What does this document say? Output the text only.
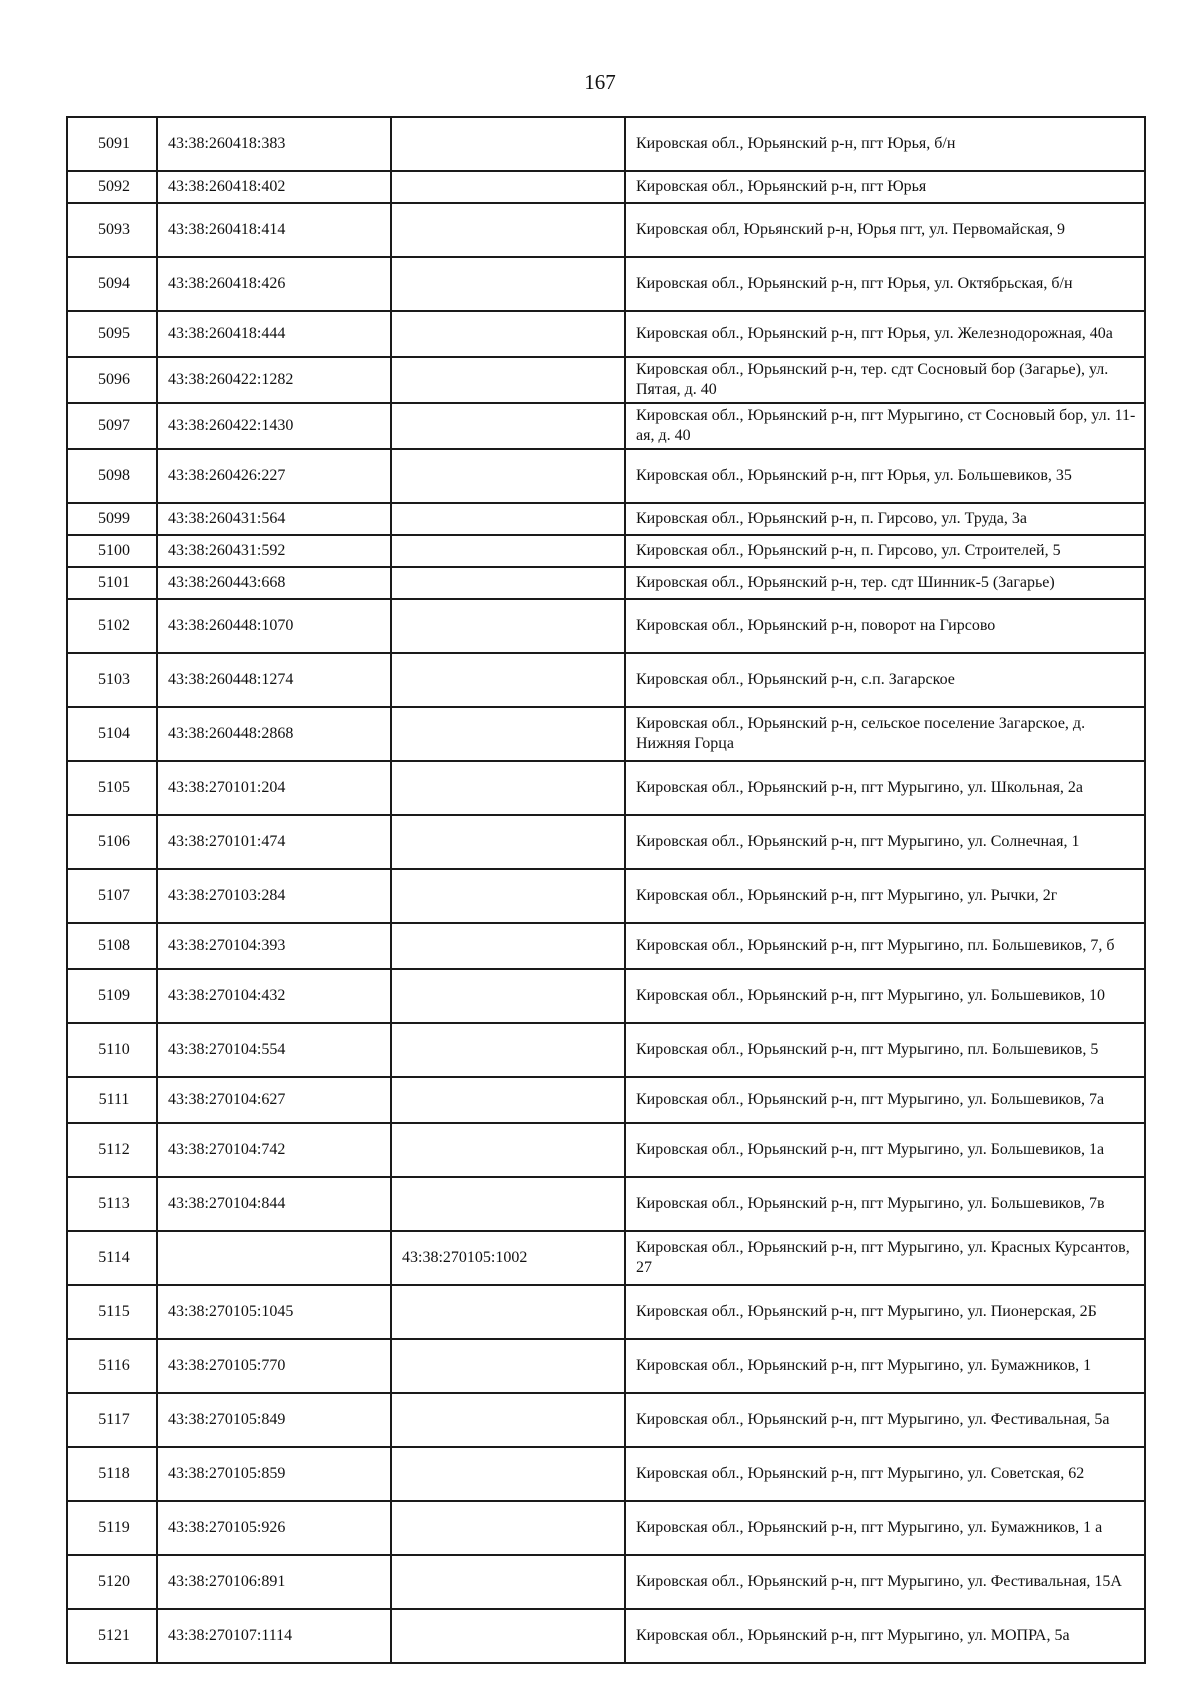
167
5091	43:38:260418:383		Кировская обл., Юрьянский р-н, пгт Юрья, б/н
5092	43:38:260418:402		Кировская обл., Юрьянский р-н, пгт Юрья
5093	43:38:260418:414		Кировская обл, Юрьянский р-н, Юрья пгт, ул. Первомайская, 9
5094	43:38:260418:426		Кировская обл., Юрьянский р-н, пгт Юрья, ул. Октябрьская, б/н
5095	43:38:260418:444		Кировская обл., Юрьянский р-н, пгт Юрья, ул. Железнодорожная, 40а
5096	43:38:260422:1282		Кировская обл., Юрьянский р-н, тер. сдт Сосновый бор (Загарье), ул. Пятая, д. 40
5097	43:38:260422:1430		Кировская обл., Юрьянский р-н, пгт Мурыгино, ст Сосновый бор, ул. 11-ая, д. 40
5098	43:38:260426:227		Кировская обл., Юрьянский р-н, пгт Юрья, ул. Большевиков, 35
5099	43:38:260431:564		Кировская обл., Юрьянский р-н, п. Гирсово, ул. Труда, 3а
5100	43:38:260431:592		Кировская обл., Юрьянский р-н, п. Гирсово, ул. Строителей, 5
5101	43:38:260443:668		Кировская обл., Юрьянский р-н, тер. сдт Шинник-5 (Загарье)
5102	43:38:260448:1070		Кировская обл., Юрьянский р-н, поворот на Гирсово
5103	43:38:260448:1274		Кировская обл., Юрьянский р-н, с.п. Загарское
5104	43:38:260448:2868		Кировская обл., Юрьянский р-н, сельское поселение Загарское, д. Нижняя Горца
5105	43:38:270101:204		Кировская обл., Юрьянский р-н, пгт Мурыгино, ул. Школьная, 2а
5106	43:38:270101:474		Кировская обл., Юрьянский р-н, пгт Мурыгино, ул. Солнечная, 1
5107	43:38:270103:284		Кировская обл., Юрьянский р-н, пгт Мурыгино, ул. Рычки, 2г
5108	43:38:270104:393		Кировская обл., Юрьянский р-н, пгт Мурыгино, пл. Большевиков, 7, б
5109	43:38:270104:432		Кировская обл., Юрьянский р-н, пгт Мурыгино, ул. Большевиков, 10
5110	43:38:270104:554		Кировская обл., Юрьянский р-н, пгт Мурыгино, пл. Большевиков, 5
5111	43:38:270104:627		Кировская обл., Юрьянский р-н, пгт Мурыгино, ул. Большевиков, 7а
5112	43:38:270104:742		Кировская обл., Юрьянский р-н, пгт Мурыгино, ул. Большевиков, 1а
5113	43:38:270104:844		Кировская обл., Юрьянский р-н, пгт Мурыгино, ул. Большевиков, 7в
5114		43:38:270105:1002	Кировская обл., Юрьянский р-н, пгт Мурыгино, ул. Красных Курсантов, 27
5115	43:38:270105:1045		Кировская обл., Юрьянский р-н, пгт Мурыгино, ул. Пионерская, 2Б
5116	43:38:270105:770		Кировская обл., Юрьянский р-н, пгт Мурыгино, ул. Бумажников, 1
5117	43:38:270105:849		Кировская обл., Юрьянский р-н, пгт Мурыгино, ул. Фестивальная, 5а
5118	43:38:270105:859		Кировская обл., Юрьянский р-н, пгт Мурыгино, ул. Советская, 62
5119	43:38:270105:926		Кировская обл., Юрьянский р-н, пгт Мурыгино, ул. Бумажников, 1 а
5120	43:38:270106:891		Кировская обл., Юрьянский р-н, пгт Мурыгино, ул. Фестивальная, 15А
5121	43:38:270107:1114		Кировская обл., Юрьянский р-н, пгт Мурыгино, ул. МОПРА, 5а
